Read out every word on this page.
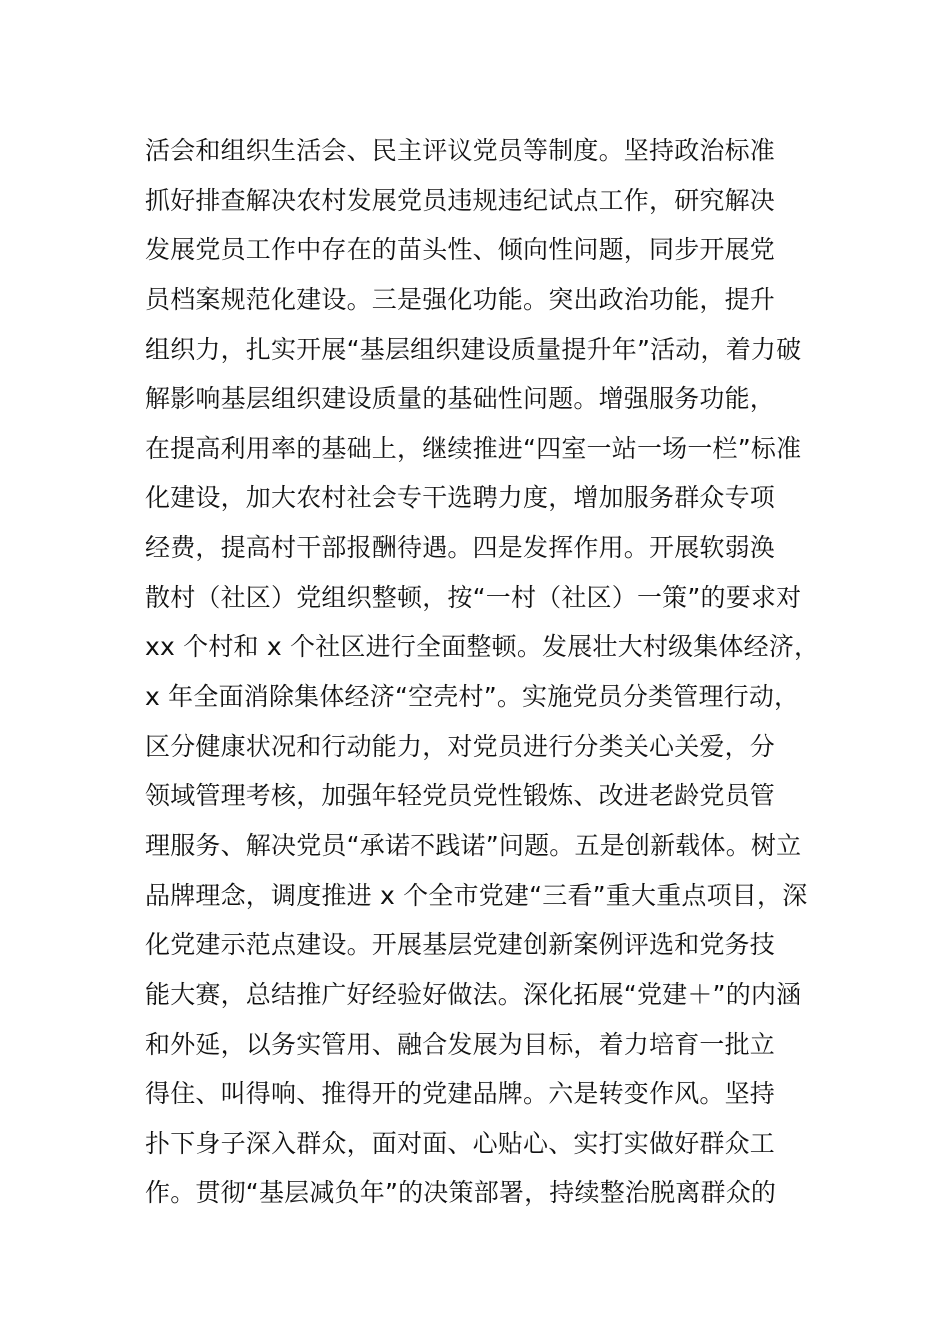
活会和组织生活会、民主评议党员等制度。坚持政治标准
抓好排查解决农村发展党员违规违纪试点工作，研究解决
发展党员工作中存在的苗头性、倾向性问题，同步开展党
员档案规范化建设。三是强化功能。突出政治功能，提升
组织力，扎实开展“基层组织建设质量提升年”活动，着力破
解影响基层组织建设质量的基础性问题。增强服务功能，
在提高利用率的基础上，继续推进“四室一站一场一栏”标准
化建设，加大农村社会专干选聘力度，增加服务群众专项
经费，提高村干部报酬待遇。四是发挥作用。开展软弱涣
散村（社区）党组织整顿，按“一村（社区）一策”的要求对
xx 个村和 x 个社区进行全面整顿。发展壮大村级集体经济，
x 年全面消除集体经济“空壳村”。实施党员分类管理行动，
区分健康状况和行动能力，对党员进行分类关心关爱，分
领域管理考核，加强年轻党员党性锻炼、改进老龄党员管
理服务、解决党员“承诺不践诺”问题。五是创新载体。树立
品牌理念，调度推进 x 个全市党建“三看”重大重点项目，深
化党建示范点建设。开展基层党建创新案例评选和党务技
能大赛，总结推广好经验好做法。深化拓展“党建＋”的内涵
和外延，以务实管用、融合发展为目标，着力培育一批立
得住、叫得响、推得开的党建品牌。六是转变作风。坚持
扑下身子深入群众，面对面、心贴心、实打实做好群众工
作。贯彻“基层减负年”的决策部署，持续整治脱离群众的
